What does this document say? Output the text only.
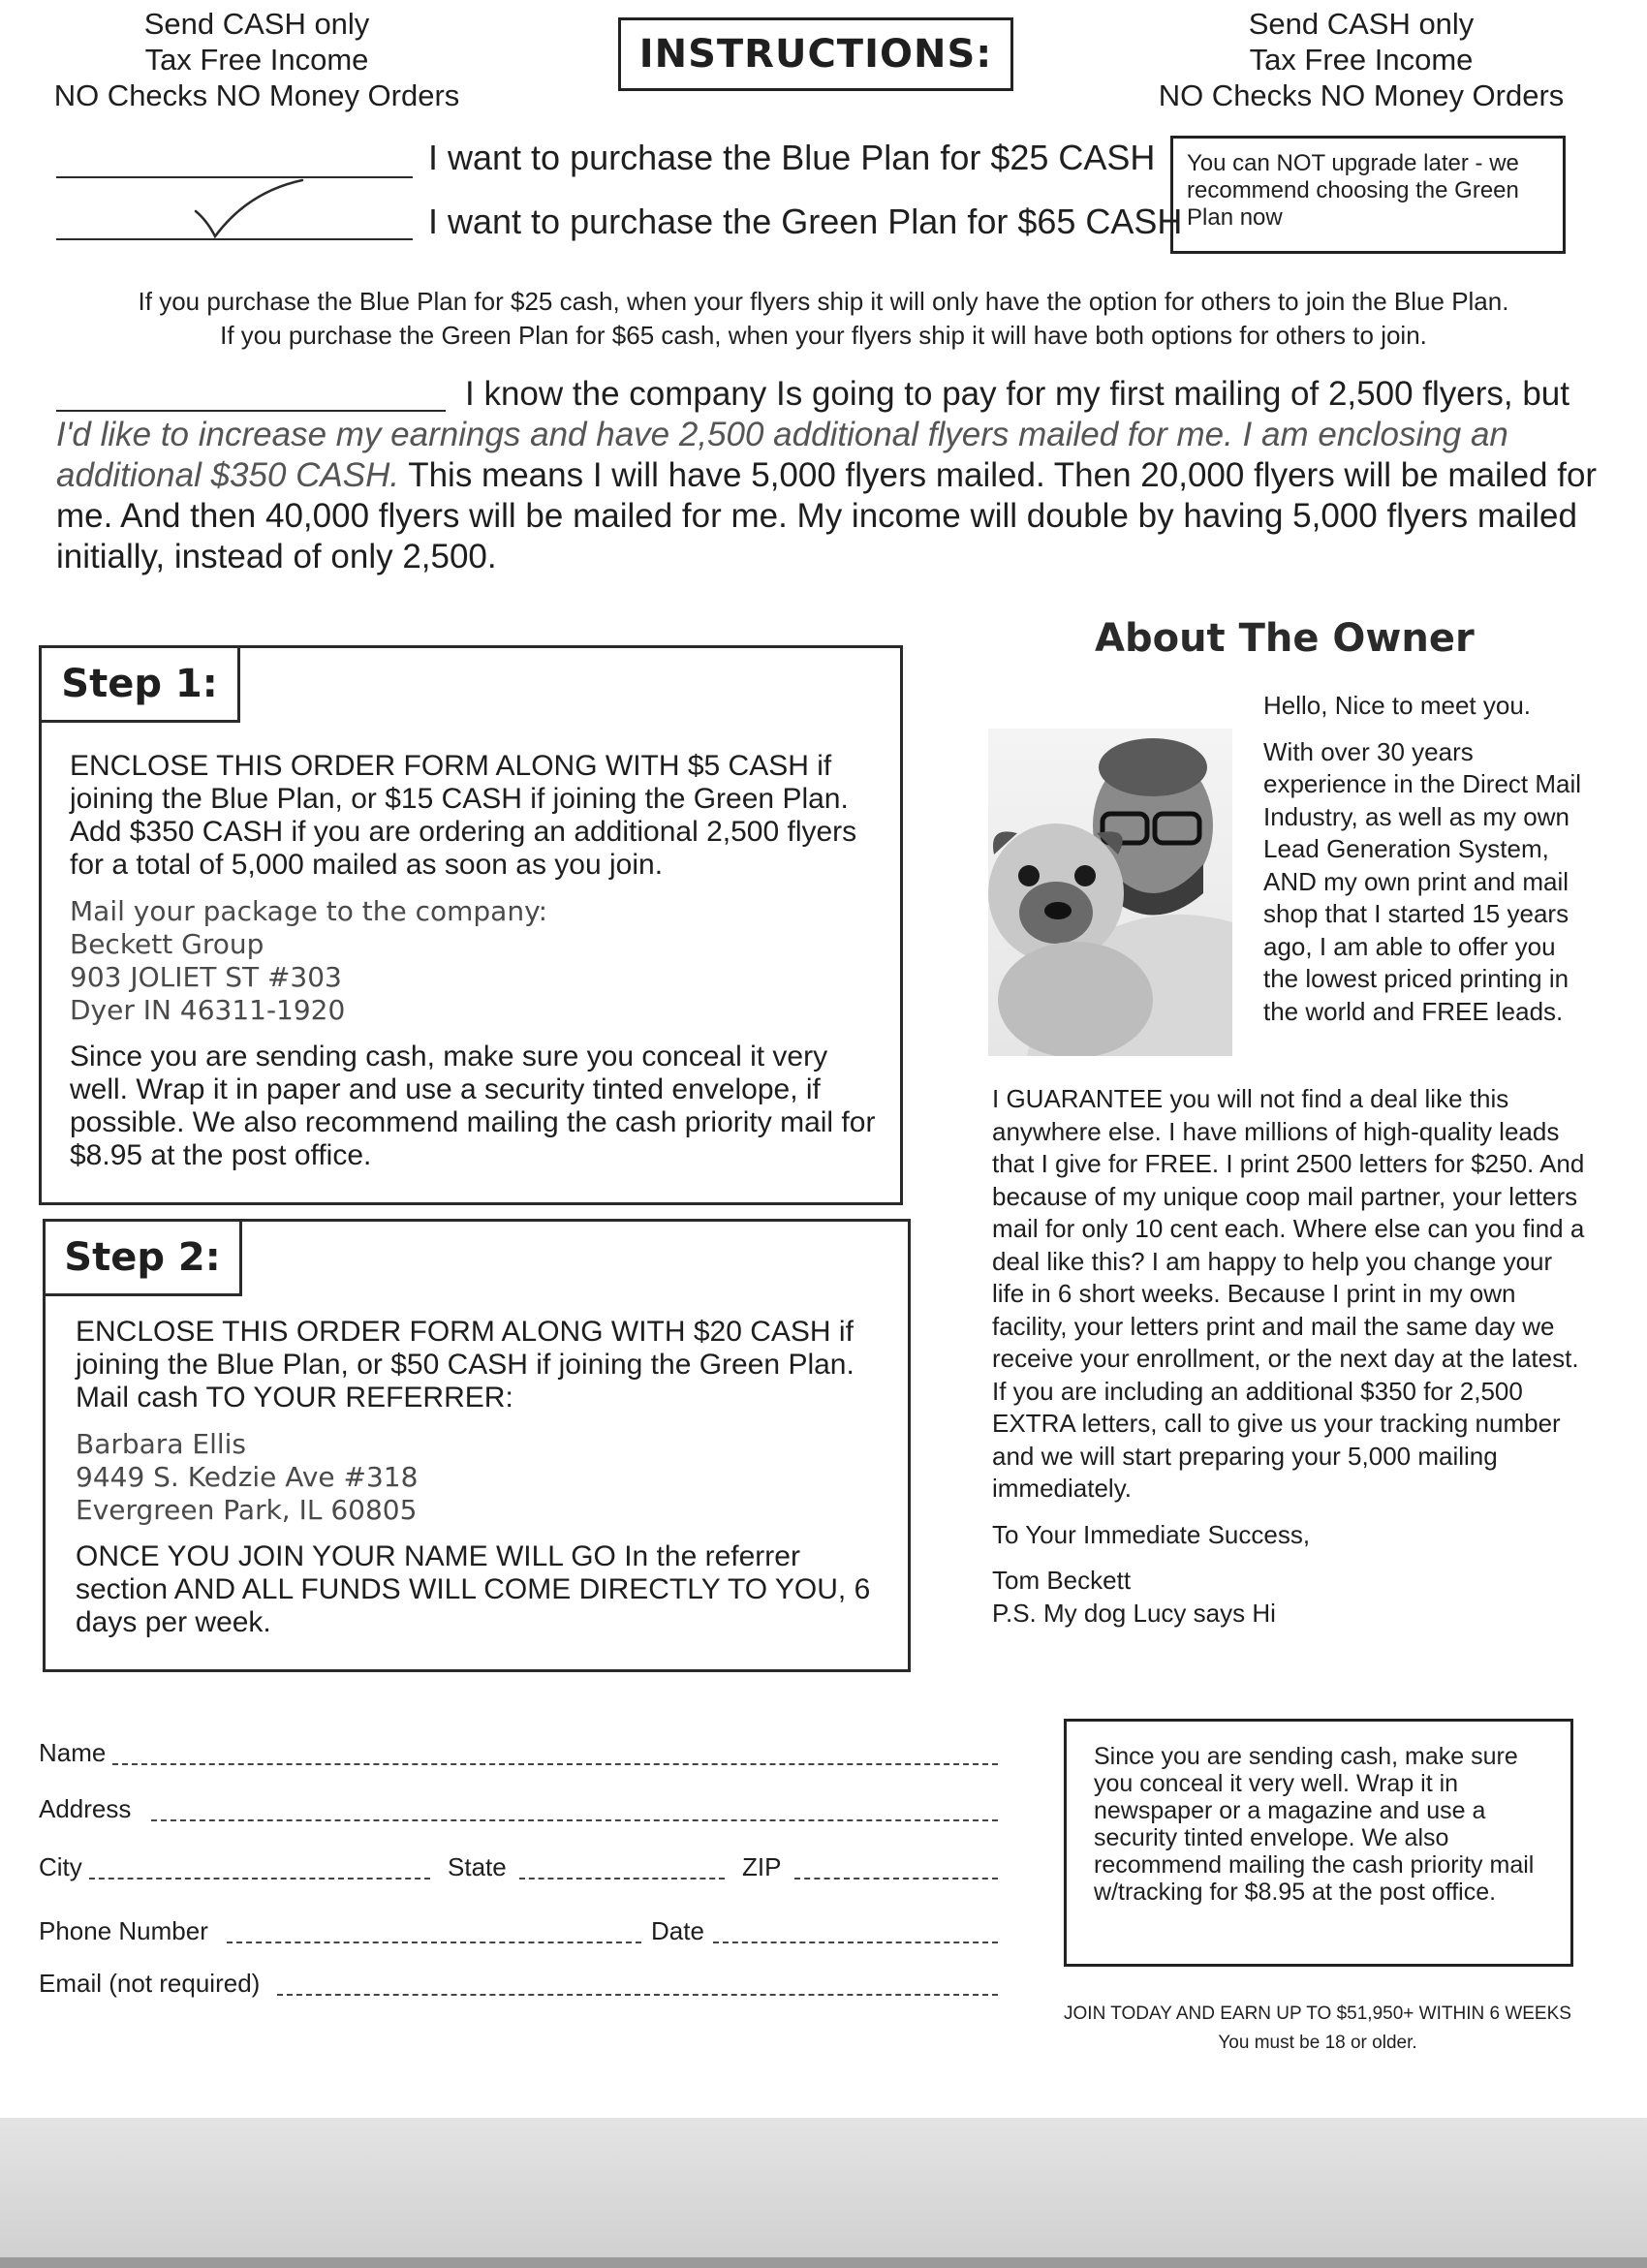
Send CASH only
Tax Free Income
NO Checks NO Money Orders
Send CASH only
Tax Free Income
NO Checks NO Money Orders
INSTRUCTIONS:
I want to purchase the Blue Plan for $25 CASH
I want to purchase the Green Plan for $65 CASH
You can NOT upgrade later - we recommend choosing the Green Plan now
If you purchase the Blue Plan for $25 cash, when your flyers ship it will only have the option for others to join the Blue Plan.
If you purchase the Green Plan for $65 cash, when your flyers ship it will have both options for others to join.
I know the company Is going to pay for my first mailing of 2,500 flyers, but I'd like to increase my earnings and have 2,500 additional flyers mailed for me. I am enclosing an additional $350 CASH. This means I will have 5,000 flyers mailed. Then 20,000 flyers will be mailed for me. And then 40,000 flyers will be mailed for me. My income will double by having 5,000 flyers mailed initially, instead of only 2,500.
Step 1:

ENCLOSE THIS ORDER FORM ALONG WITH $5 CASH if joining the Blue Plan, or $15 CASH if joining the Green Plan. Add $350 CASH if you are ordering an additional 2,500 flyers for a total of 5,000 mailed as soon as you join.

Mail your package to the company:
Beckett Group
903 JOLIET ST #303
Dyer IN 46311-1920

Since you are sending cash, make sure you conceal it very well. Wrap it in paper and use a security tinted envelope, if possible. We also recommend mailing the cash priority mail for $8.95 at the post office.

Step 2:

ENCLOSE THIS ORDER FORM ALONG WITH $20 CASH if joining the Blue Plan, or $50 CASH if joining the Green Plan. Mail cash TO YOUR REFERRER:

Barbara Ellis
9449 S. Kedzie Ave #318
Evergreen Park, IL 60805

ONCE YOU JOIN YOUR NAME WILL GO In the referrer section AND ALL FUNDS WILL COME DIRECTLY TO YOU, 6 days per week.

About The Owner

Hello, Nice to meet you.

With over 30 years experience in the Direct Mail Industry, as well as my own Lead Generation System, AND my own print and mail shop that I started 15 years ago, I am able to offer you the lowest priced printing in the world and FREE leads.

I GUARANTEE you will not find a deal like this anywhere else. I have millions of high-quality leads that I give for FREE. I print 2500 letters for $250. And because of my unique coop mail partner, your letters mail for only 10 cent each. Where else can you find a deal like this? I am happy to help you change your life in 6 short weeks. Because I print in my own facility, your letters print and mail the same day we receive your enrollment, or the next day at the latest. If you are including an additional $350 for 2,500 EXTRA letters, call to give us your tracking number and we will start preparing your 5,000 mailing immediately.

To Your Immediate Success,

Tom Beckett
P.S. My dog Lucy says Hi
Name
Address
City	State	ZIP
Phone Number	Date
Email (not required)
Since you are sending cash, make sure you conceal it very well. Wrap it in newspaper or a magazine and use a security tinted envelope. We also recommend mailing the cash priority mail w/tracking for $8.95 at the post office.
JOIN TODAY AND EARN UP TO $51,950+ WITHIN 6 WEEKS
You must be 18 or older.
